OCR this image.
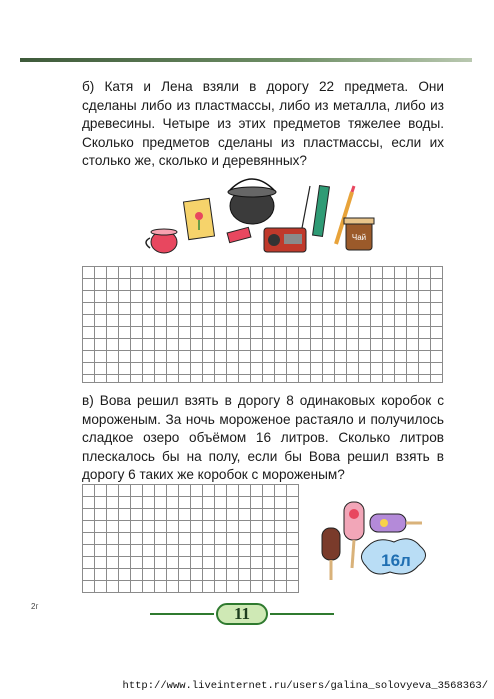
б) Катя и Лена взяли в дорогу 22 предмета. Они сделаны либо из пластмассы, либо из металла, либо из древесины. Четыре из этих предметов тяжелее воды. Сколько предметов сделаны из пластмассы, если их столько же, сколько и деревянных?

Чай

в) Вова решил взять в дорогу 8 одинаковых коробок с мороженым. За ночь мороженое растаяло и получилось сладкое озеро объёмом 16 литров. Сколько литров плескалось бы на полу, если бы Вова решил взять в дорогу 6 таких же коробок с мороженым?

16л
11
2г
http://www.liveinternet.ru/users/galina_solovyeva_3568363/
